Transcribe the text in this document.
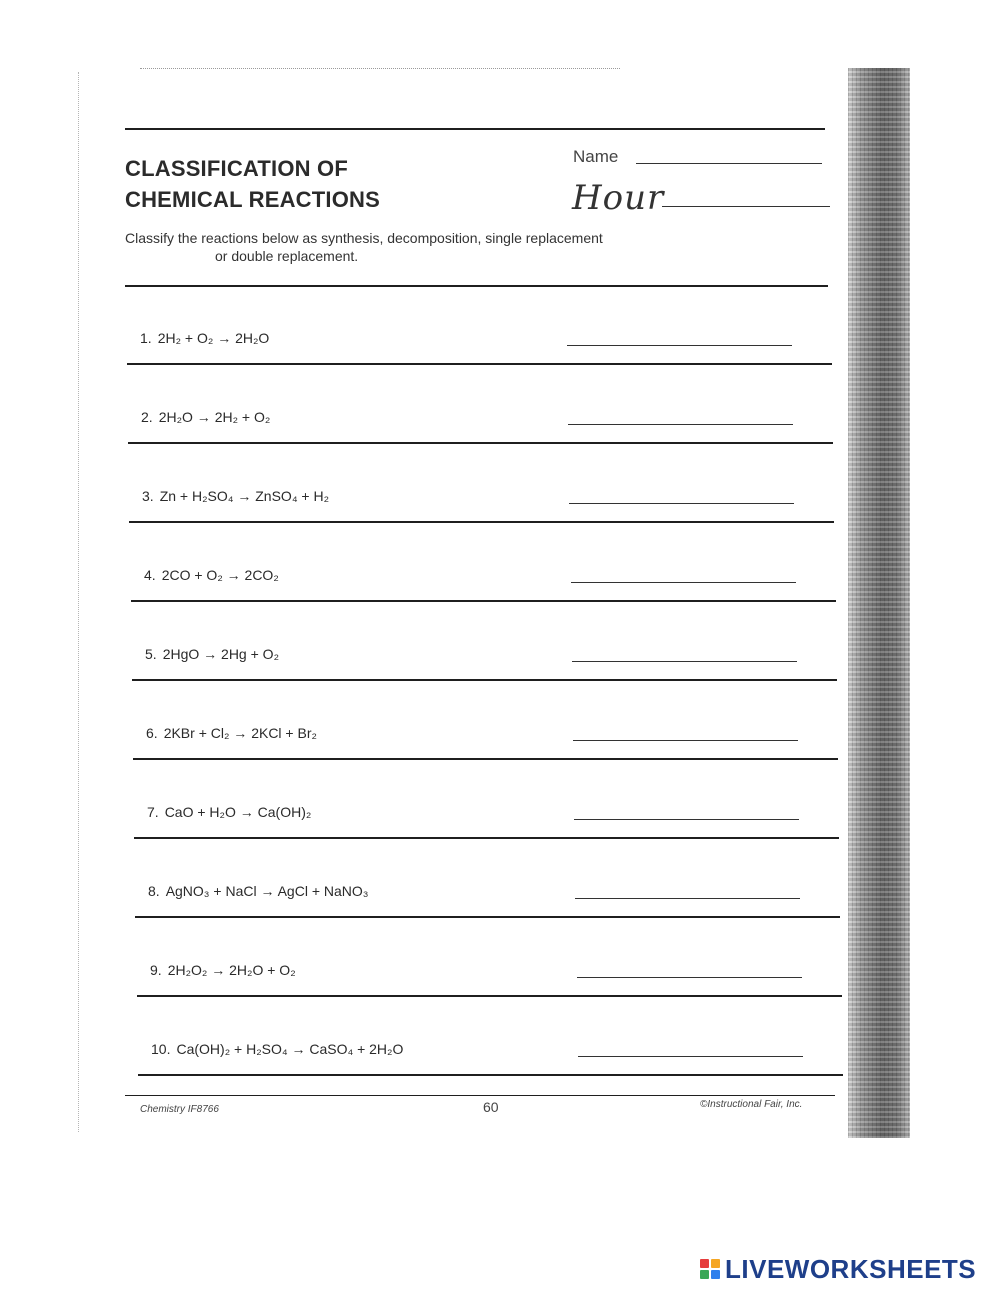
CLASSIFICATION OF
CHEMICAL REACTIONS
Name
Hour
Classify the reactions below as synthesis, decomposition, single replacement
or double replacement.
1. 2H₂ + O₂ → 2H₂O
2. 2H₂O → 2H₂ + O₂
3. Zn + H₂SO₄ → ZnSO₄ + H₂
4. 2CO + O₂ → 2CO₂
5. 2HgO → 2Hg + O₂
6. 2KBr + Cl₂ → 2KCl + Br₂
7. CaO + H₂O → Ca(OH)₂
8. AgNO₃ + NaCl → AgCl + NaNO₃
9. 2H₂O₂ → 2H₂O + O₂
10. Ca(OH)₂ + H₂SO₄ → CaSO₄ + 2H₂O
Chemistry IF8766	60	©Instructional Fair, Inc.
LIVEWORKSHEETS
